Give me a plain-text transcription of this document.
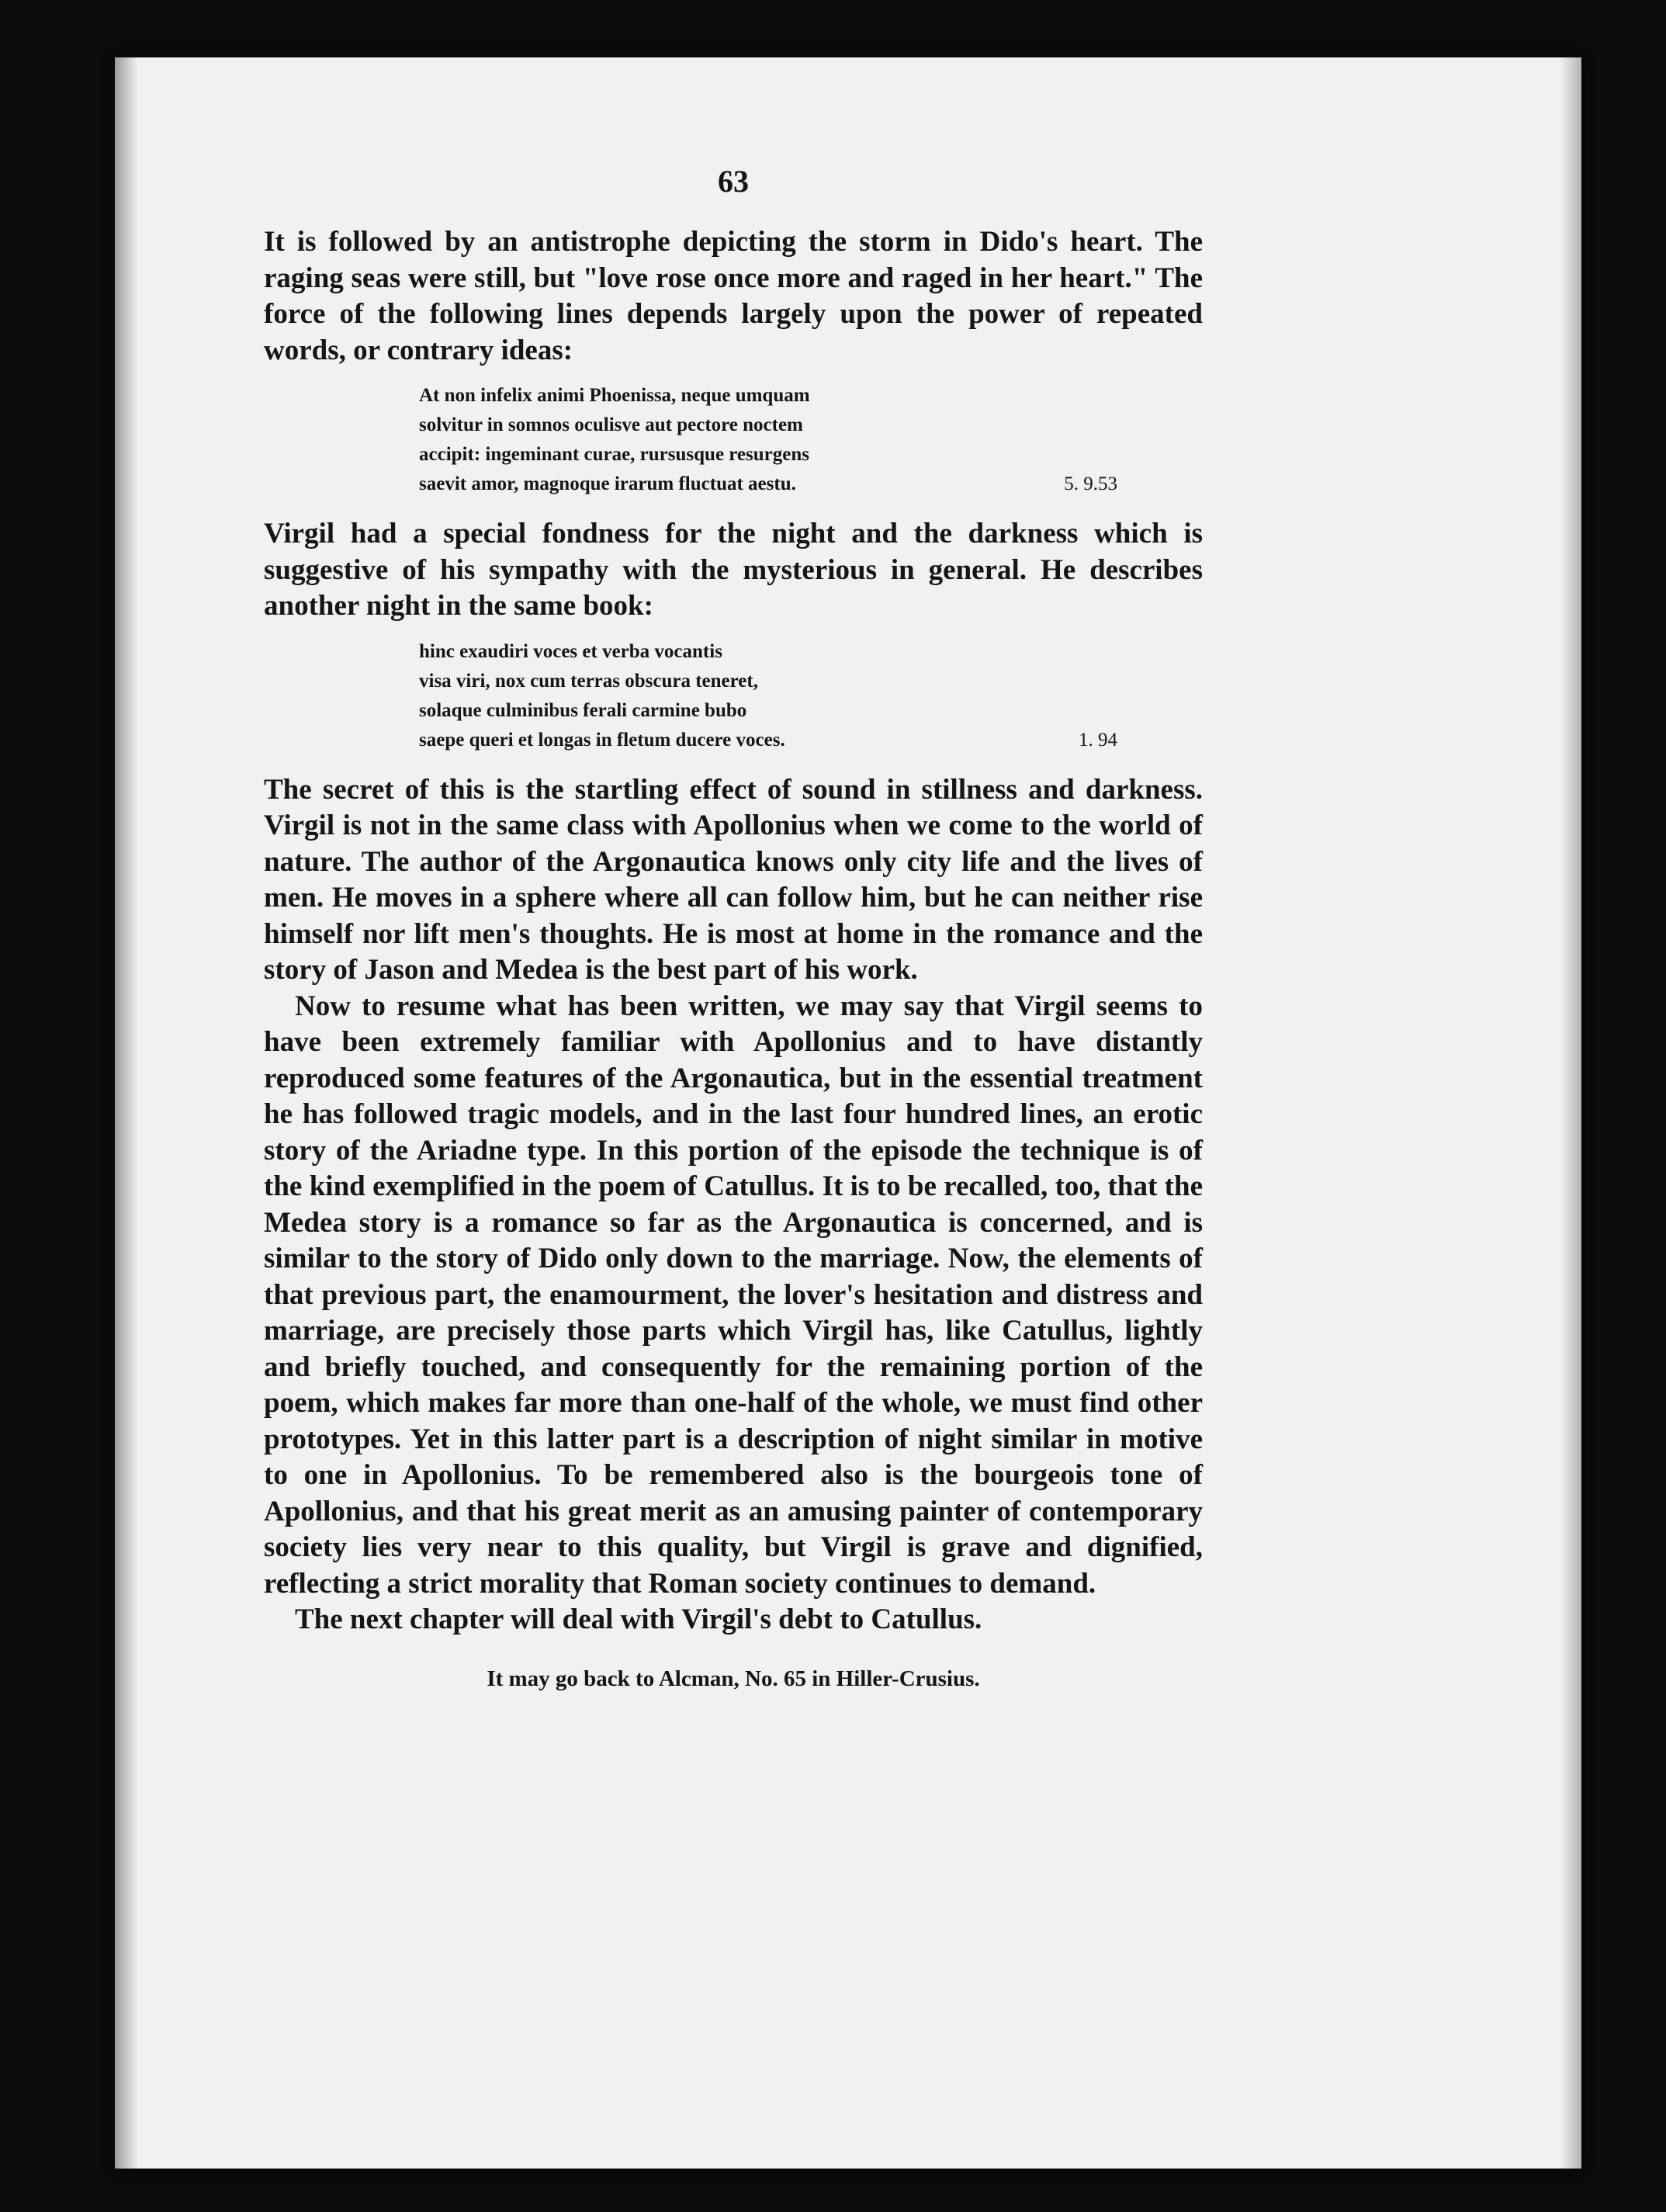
63

It is followed by an antistrophe depicting the storm in Dido's heart. The raging seas were still, but "love rose once more and raged in her heart." The force of the following lines depends largely upon the power of repeated words, or contrary ideas:

At non infelix animi Phoenissa, neque umquam
solvitur in somnos oculisve aut pectore noctem
accipit: ingeminant curae, rursusque resurgens
saevit amor, magnoque irarum fluctuat aestu.	5. 9.53

Virgil had a special fondness for the night and the darkness which is suggestive of his sympathy with the mysterious in general. He describes another night in the same book:

hinc exaudiri voces et verba vocantis
visa viri, nox cum terras obscura teneret,
solaque culminibus ferali carmine bubo
saepe queri et longas in fletum ducere voces.	1. 94

The secret of this is the startling effect of sound in stillness and darkness. Virgil is not in the same class with Apollonius when we come to the world of nature. The author of the Argonautica knows only city life and the lives of men. He moves in a sphere where all can follow him, but he can neither rise himself nor lift men's thoughts. He is most at home in the romance and the story of Jason and Medea is the best part of his work.

Now to resume what has been written, we may say that Virgil seems to have been extremely familiar with Apollonius and to have distantly reproduced some features of the Argonautica, but in the essential treatment he has followed tragic models, and in the last four hundred lines, an erotic story of the Ariadne type. In this portion of the episode the technique is of the kind exemplified in the poem of Catullus. It is to be recalled, too, that the Medea story is a romance so far as the Argonautica is concerned, and is similar to the story of Dido only down to the marriage. Now, the elements of that previous part, the enamourment, the lover's hesitation and distress and marriage, are precisely those parts which Virgil has, like Catullus, lightly and briefly touched, and consequently for the remaining portion of the poem, which makes far more than one-half of the whole, we must find other prototypes. Yet in this latter part is a description of night similar in motive to one in Apollonius. To be remembered also is the bourgeois tone of Apollonius, and that his great merit as an amusing painter of contemporary society lies very near to this quality, but Virgil is grave and dignified, reflecting a strict morality that Roman society continues to demand.

The next chapter will deal with Virgil's debt to Catullus.

It may go back to Alcman, No. 65 in Hiller-Crusius.
